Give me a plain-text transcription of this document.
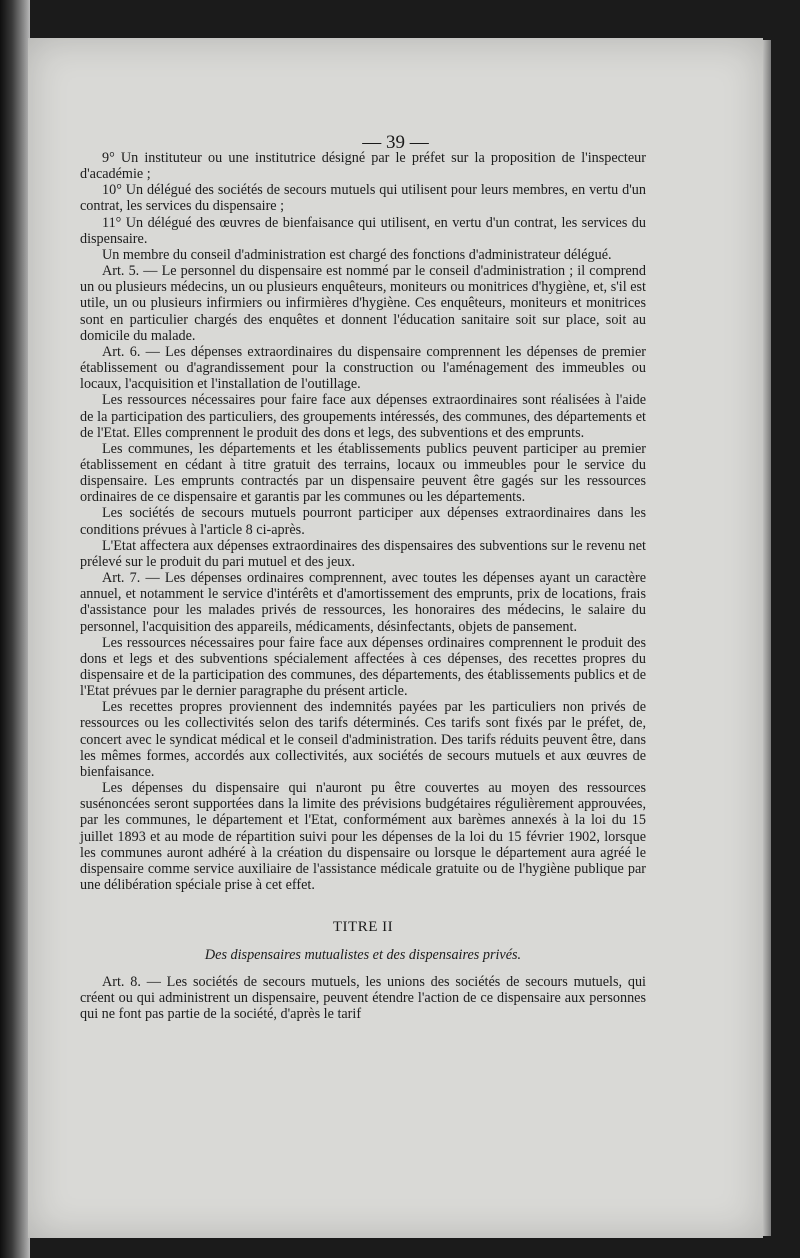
— 39 —

9° Un instituteur ou une institutrice désigné par le préfet sur la proposition de l'inspecteur d'académie ;

10° Un délégué des sociétés de secours mutuels qui utilisent pour leurs membres, en vertu d'un contrat, les services du dispensaire ;

11° Un délégué des œuvres de bienfaisance qui utilisent, en vertu d'un contrat, les services du dispensaire.

Un membre du conseil d'administration est chargé des fonctions d'administrateur délégué.

Art. 5. — Le personnel du dispensaire est nommé par le conseil d'administration ; il comprend un ou plusieurs médecins, un ou plusieurs enquêteurs, moniteurs ou monitrices d'hygiène, et, s'il est utile, un ou plusieurs infirmiers ou infirmières d'hygiène. Ces enquêteurs, moniteurs et monitrices sont en particulier chargés des enquêtes et donnent l'éducation sanitaire soit sur place, soit au domicile du malade.

Art. 6. — Les dépenses extraordinaires du dispensaire comprennent les dépenses de premier établissement ou d'agrandissement pour la construction ou l'aménagement des immeubles ou locaux, l'acquisition et l'installation de l'outillage.

Les ressources nécessaires pour faire face aux dépenses extraordinaires sont réalisées à l'aide de la participation des particuliers, des groupements intéressés, des communes, des départements et de l'Etat. Elles comprennent le produit des dons et legs, des subventions et des emprunts.

Les communes, les départements et les établissements publics peuvent participer au premier établissement en cédant à titre gratuit des terrains, locaux ou immeubles pour le service du dispensaire. Les emprunts contractés par un dispensaire peuvent être gagés sur les ressources ordinaires de ce dispensaire et garantis par les communes ou les départements.

Les sociétés de secours mutuels pourront participer aux dépenses extraordinaires dans les conditions prévues à l'article 8 ci-après.

L'Etat affectera aux dépenses extraordinaires des dispensaires des subventions sur le revenu net prélevé sur le produit du pari mutuel et des jeux.

Art. 7. — Les dépenses ordinaires comprennent, avec toutes les dépenses ayant un caractère annuel, et notamment le service d'intérêts et d'amortissement des emprunts, prix de locations, frais d'assistance pour les malades privés de ressources, les honoraires des médecins, le salaire du personnel, l'acquisition des appareils, médicaments, désinfectants, objets de pansement.

Les ressources nécessaires pour faire face aux dépenses ordinaires comprennent le produit des dons et legs et des subventions spécialement affectées à ces dépenses, des recettes propres du dispensaire et de la participation des communes, des départements, des établissements publics et de l'Etat prévues par le dernier paragraphe du présent article.

Les recettes propres proviennent des indemnités payées par les particuliers non privés de ressources ou les collectivités selon des tarifs déterminés. Ces tarifs sont fixés par le préfet, de, concert avec le syndicat médical et le conseil d'administration. Des tarifs réduits peuvent être, dans les mêmes formes, accordés aux collectivités, aux sociétés de secours mutuels et aux œuvres de bienfaisance.

Les dépenses du dispensaire qui n'auront pu être couvertes au moyen des ressources susénoncées seront supportées dans la limite des prévisions budgétaires régulièrement approuvées, par les communes, le département et l'Etat, conformément aux barèmes annexés à la loi du 15 juillet 1893 et au mode de répartition suivi pour les dépenses de la loi du 15 février 1902, lorsque les communes auront adhéré à la création du dispensaire ou lorsque le département aura agréé le dispensaire comme service auxiliaire de l'assistance médicale gratuite ou de l'hygiène publique par une délibération spéciale prise à cet effet.

TITRE II

Des dispensaires mutualistes et des dispensaires privés.

Art. 8. — Les sociétés de secours mutuels, les unions des sociétés de secours mutuels, qui créent ou qui administrent un dispensaire, peuvent étendre l'action de ce dispensaire aux personnes qui ne font pas partie de la société, d'après le tarif
